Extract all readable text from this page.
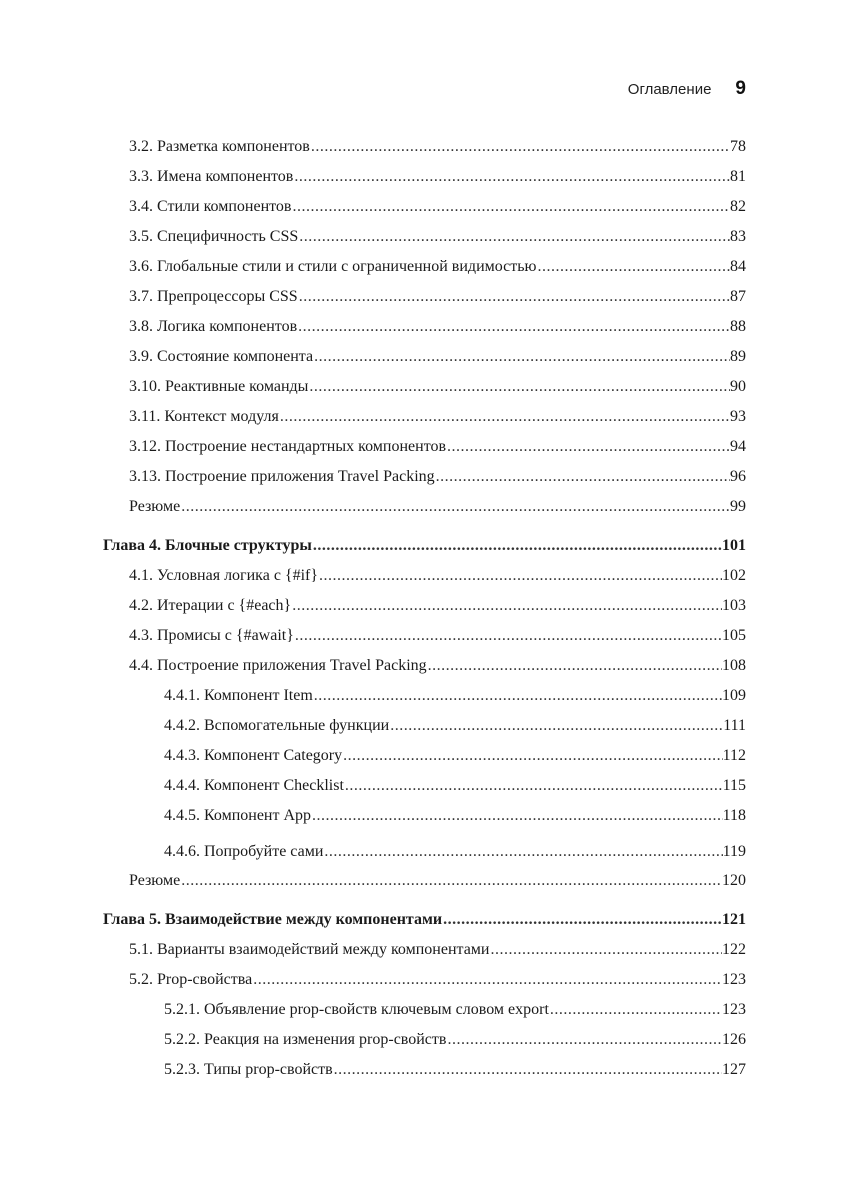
Оглавление 9
3.2. Разметка компонентов .....	78
3.3. Имена компонентов .....	81
3.4. Стили компонентов .....	82
3.5. Специфичность CSS .....	83
3.6. Глобальные стили и стили с ограниченной видимостью .....	84
3.7. Препроцессоры CSS .....	87
3.8. Логика компонентов .....	88
3.9. Состояние компонента .....	89
3.10. Реактивные команды .....	90
3.11. Контекст модуля .....	93
3.12. Построение нестандартных компонентов .....	94
3.13. Построение приложения Travel Packing .....	96
Резюме .....	99
Глава 4. Блочные структуры .....	101
4.1. Условная логика с {#if} .....	102
4.2. Итерации с {#each} .....	103
4.3. Промисы с {#await} .....	105
4.4. Построение приложения Travel Packing .....	108
4.4.1. Компонент Item .....	109
4.4.2. Вспомогательные функции .....	111
4.4.3. Компонент Category .....	112
4.4.4. Компонент Checklist .....	115
4.4.5. Компонент App .....	118
4.4.6. Попробуйте сами .....	119
Резюме .....	120
Глава 5. Взаимодействие между компонентами .....	121
5.1. Варианты взаимодействий между компонентами .....	122
5.2. Prop-свойства .....	123
5.2.1. Объявление prop-свойств ключевым словом export .....	123
5.2.2. Реакция на изменения prop-свойств .....	126
5.2.3. Типы prop-свойств .....	127
